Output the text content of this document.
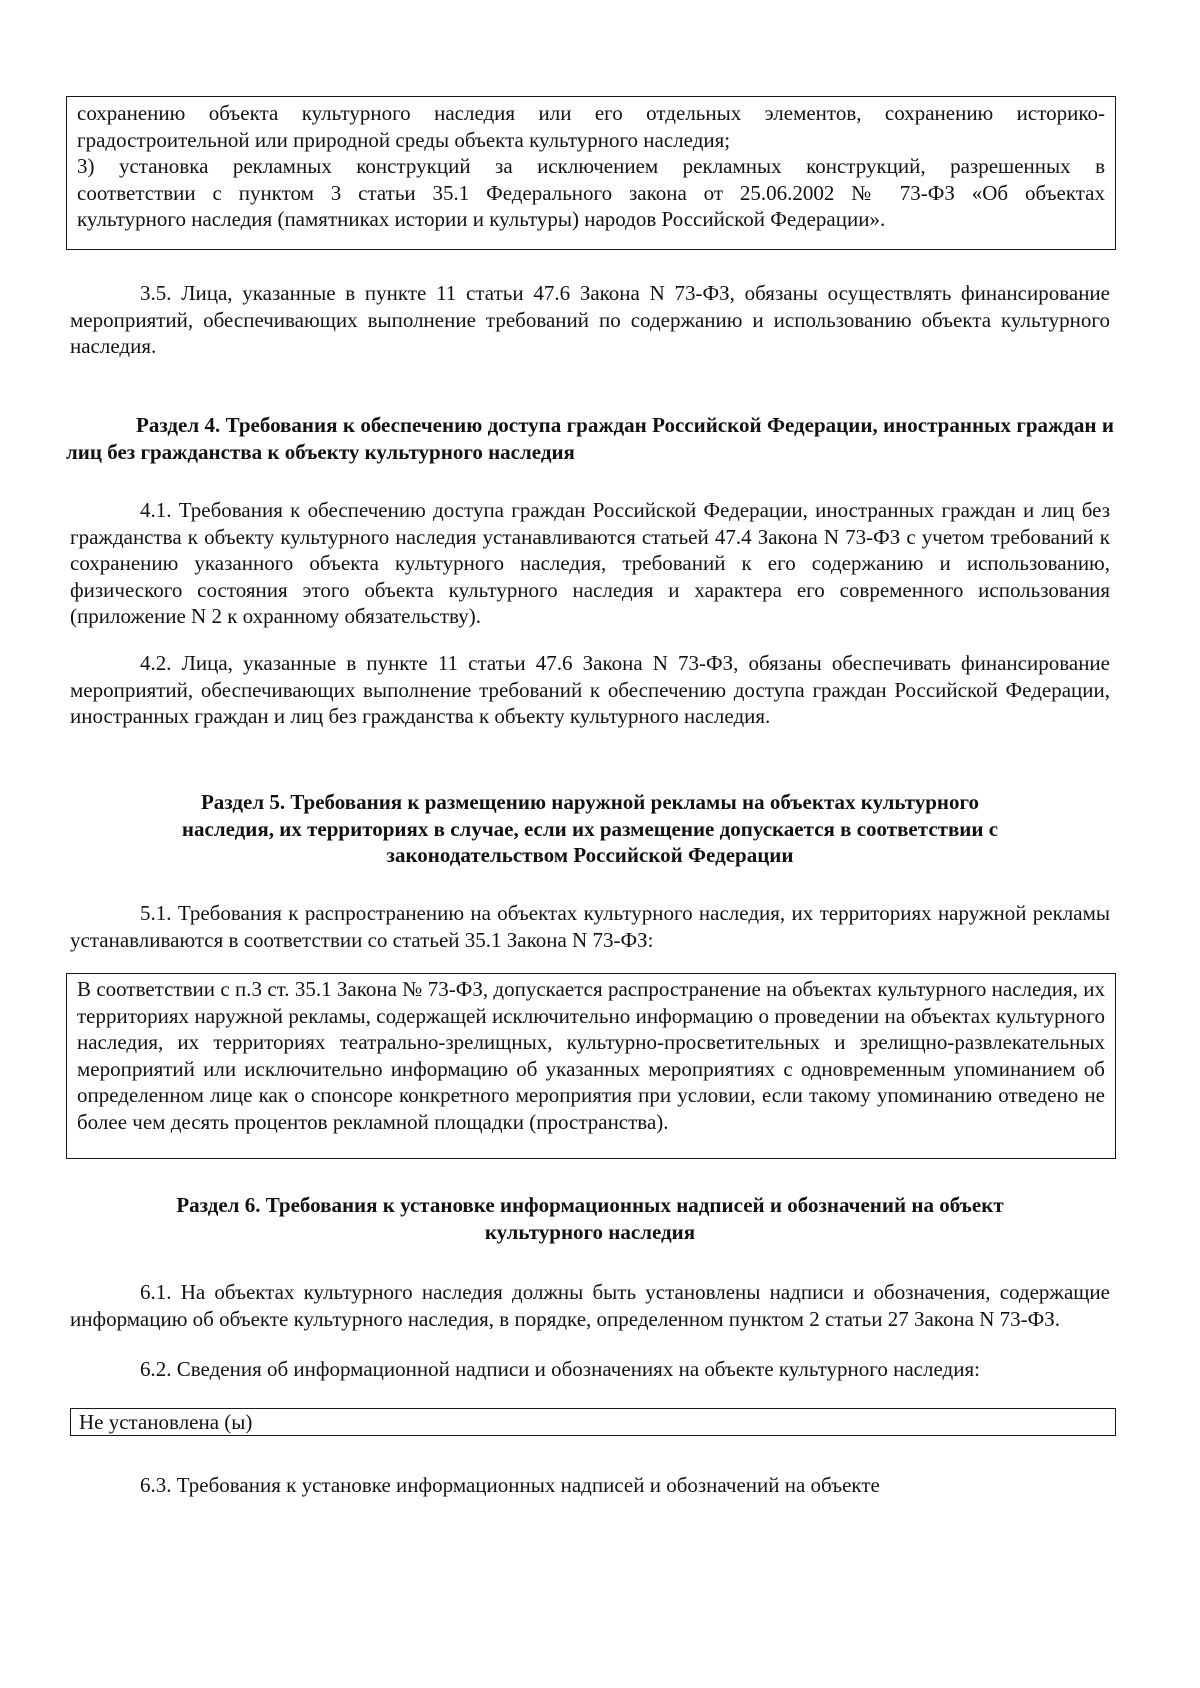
сохранению объекта культурного наследия или его отдельных элементов, сохранению историко-
градостроительной или природной среды объекта культурного наследия;
3) установка рекламных конструкций за исключением рекламных конструкций, разрешенных в
соответствии с пунктом 3 статьи 35.1 Федерального закона от 25.06.2002 № 73-ФЗ «Об объектах
культурного наследия (памятниках истории и культуры) народов Российской Федерации».

3.5. Лица, указанные в пункте 11 статьи 47.6 Закона N 73-ФЗ, обязаны осуществлять финансирование мероприятий, обеспечивающих выполнение требований по содержанию и использованию объекта культурного наследия.

Раздел 4. Требования к обеспечению доступа граждан Российской Федерации, иностранных граждан и лиц без гражданства к объекту культурного наследия

4.1. Требования к обеспечению доступа граждан Российской Федерации, иностранных граждан и лиц без гражданства к объекту культурного наследия устанавливаются статьей 47.4 Закона N 73-ФЗ с учетом требований к сохранению указанного объекта культурного наследия, требований к его содержанию и использованию, физического состояния этого объекта культурного наследия и характера его современного использования (приложение N 2 к охранному обязательству).

4.2. Лица, указанные в пункте 11 статьи 47.6 Закона N 73-ФЗ, обязаны обеспечивать финансирование мероприятий, обеспечивающих выполнение требований к обеспечению доступа граждан Российской Федерации, иностранных граждан и лиц без гражданства к объекту культурного наследия.

Раздел 5. Требования к размещению наружной рекламы на объектах культурного
наследия, их территориях в случае, если их размещение допускается в соответствии с
законодательством Российской Федерации

5.1. Требования к распространению на объектах культурного наследия, их территориях наружной рекламы устанавливаются в соответствии со статьей 35.1 Закона N 73-ФЗ:

В соответствии с п.3 ст. 35.1 Закона № 73-ФЗ, допускается распространение на объектах культурного наследия, их территориях наружной рекламы, содержащей исключительно информацию о проведении на объектах культурного наследия, их территориях театрально-зрелищных, культурно-просветительных и зрелищно-развлекательных мероприятий или исключительно информацию об указанных мероприятиях с одновременным упоминанием об определенном лице как о спонсоре конкретного мероприятия при условии, если такому упоминанию отведено не более чем десять процентов рекламной площадки (пространства).

Раздел 6. Требования к установке информационных надписей и обозначений на объект
культурного наследия

6.1. На объектах культурного наследия должны быть установлены надписи и обозначения, содержащие информацию об объекте культурного наследия, в порядке, определенном пунктом 2 статьи 27 Закона N 73-ФЗ.

6.2. Сведения об информационной надписи и обозначениях на объекте культурного наследия:

Не установлена (ы)

6.3. Требования к установке информационных надписей и обозначений на объекте
